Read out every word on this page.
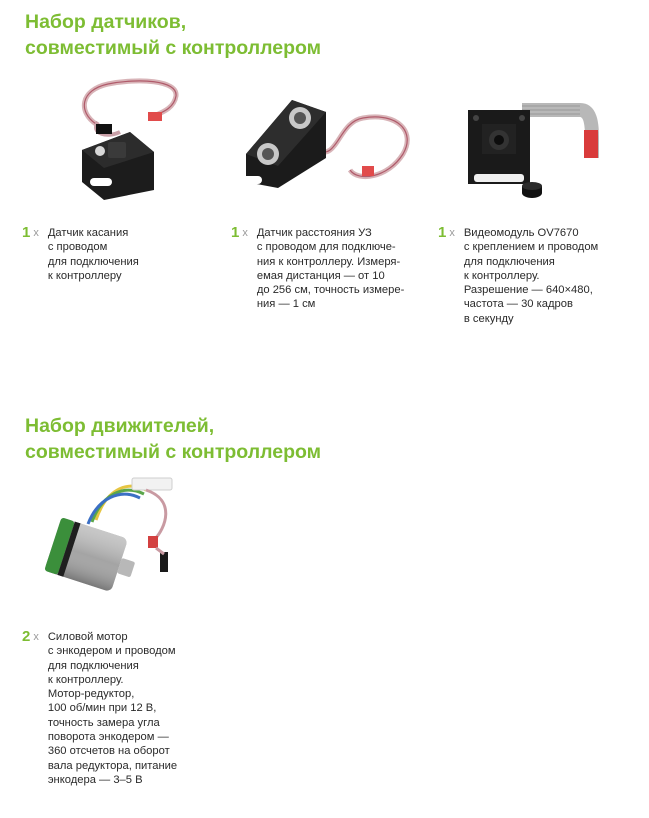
Набор датчиков,
совместимый с контроллером
1 x Датчик касания
с проводом
для подключения
к контроллеру

1 x Датчик расстояния УЗ
с проводом для подключе-
ния к контроллеру. Измеря-
емая дистанция — от 10
до 256 см, точность измере-
ния — 1 см

1 x Видеомодуль OV7670
с креплением и проводом
для подключения
к контроллеру.
Разрешение — 640×480,
частота — 30 кадров
в секунду

Набор движителей,
совместимый с контроллером
2 x Силовой мотор
с энкодером и проводом
для подключения
к контроллеру.
Мотор-редуктор,
100 об/мин при 12 В,
точность замера угла
поворота энкодером —
360 отсчетов на оборот
вала редуктора, питание
энкодера — 3–5 В
